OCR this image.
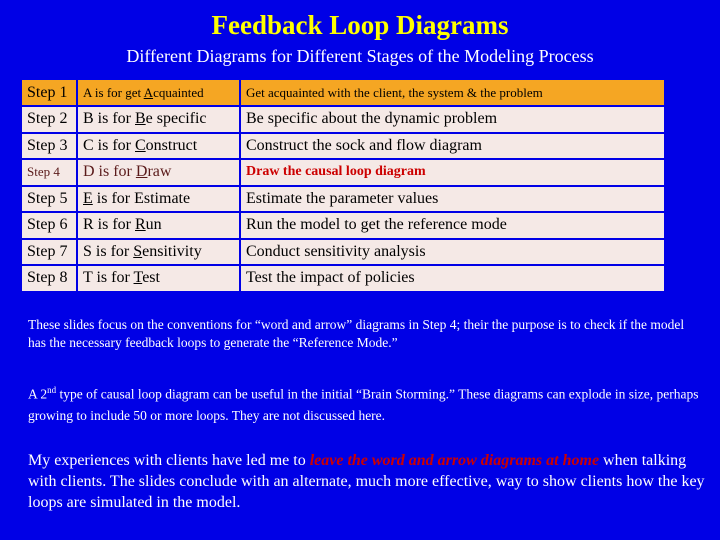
Feedback Loop Diagrams
Different Diagrams for Different Stages of the Modeling Process
Step 1	A is for get Acquainted	Get acquainted with the client, the system & the problem
Step 2	B is for Be specific	Be specific about the dynamic problem
Step 3	C is for Construct	Construct the sock and flow diagram
Step 4	D is for Draw	Draw the causal loop diagram
Step 5	E is for Estimate	Estimate the parameter values
Step 6	R is for Run	Run the model to get the reference mode
Step 7	S is for Sensitivity	Conduct sensitivity analysis
Step 8	T is for Test	Test the impact of policies
These slides focus on the conventions for “word and arrow” diagrams in Step 4; their the purpose is to check if the model has the necessary feedback loops to generate the “Reference Mode.”
A 2nd type of causal loop diagram can be useful in the initial “Brain Storming.” These diagrams can explode in size, perhaps growing to include 50 or more loops. They are not discussed here.
My experiences with clients have led me to leave the word and arrow diagrams at home when talking with clients. The slides conclude with an alternate, much more effective, way to show clients how the key loops are simulated in the model.
